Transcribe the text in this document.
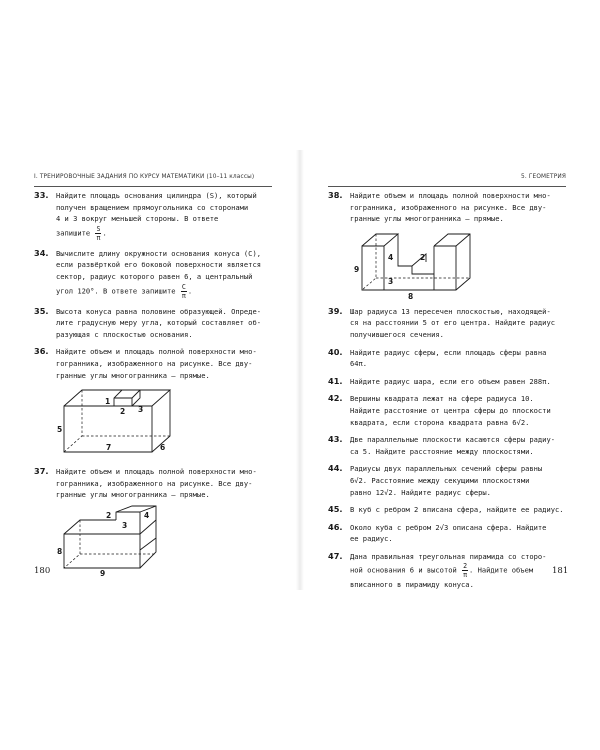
I. ТРЕНИРОВОЧНЫЕ ЗАДАНИЯ ПО КУРСУ МАТЕМАТИКИ (10–11 классы)
33. Найдите площадь основания цилиндра (S), который
получен вращением прямоугольника со сторонами
4 и 3 вокруг меньшей стороны. В ответе
запишите $\frac{S}{\pi}$ .
34. Вычислите длину окружности основания конуса (C),
если развёрткой его боковой поверхности является
сектор, радиус которого равен 6, а центральный
угол 120°. В ответе запишите $\frac{C}{\pi}$ .
35. Высота конуса равна половине образующей. Опреде-
лите градусную меру угла, который составляет об-
разующая с плоскостью основания.
36. Найдите объем и площадь полной поверхности мно-
гогранника, изображенного на рисунке. Все дву-
гранные углы многогранника — прямые.
1
2 3
5
7	6
37. Найдите объем и площадь полной поверхности мно-
гогранника, изображенного на рисунке. Все дву-
гранные углы многогранника — прямые.
2
3
4
8
9
180
5. ГЕОМЕТРИЯ
38. Найдите объем и площадь полной поверхности мно-
гогранника, изображенного на рисунке. Все дву-
гранные углы многогранника — прямые.
4	2
9
3
8
39. Шар радиуса 13 пересечен плоскостью, находящей-
ся на расстоянии 5 от его центра. Найдите радиус
получившегося сечения.
40. Найдите радиус сферы, если площадь сферы равна
64π.
41. Найдите радиус шара, если его объем равен 288π.
42. Вершины квадрата лежат на сфере радиуса 10.
Найдите расстояние от центра сферы до плоскости
квадрата, если сторона квадрата равна 6√2.
43. Две параллельные плоскости касаются сферы радиу-
са 5. Найдите расстояние между плоскостями.
44. Радиусы двух параллельных сечений сферы равны
6√2. Расстояние между секущими плоскостями
равно 12√2. Найдите радиус сферы.
45. В куб с ребром 2 вписана сфера, найдите ее радиус.
46. Около куба с ребром 2√3 описана сфера. Найдите
ее радиус.
47. Дана правильная треугольная пирамида со сторо-
ной основания 6 и высотой $\frac{2}{\pi}$ . Найдите объем
вписанного в пирамиду конуса.
181
